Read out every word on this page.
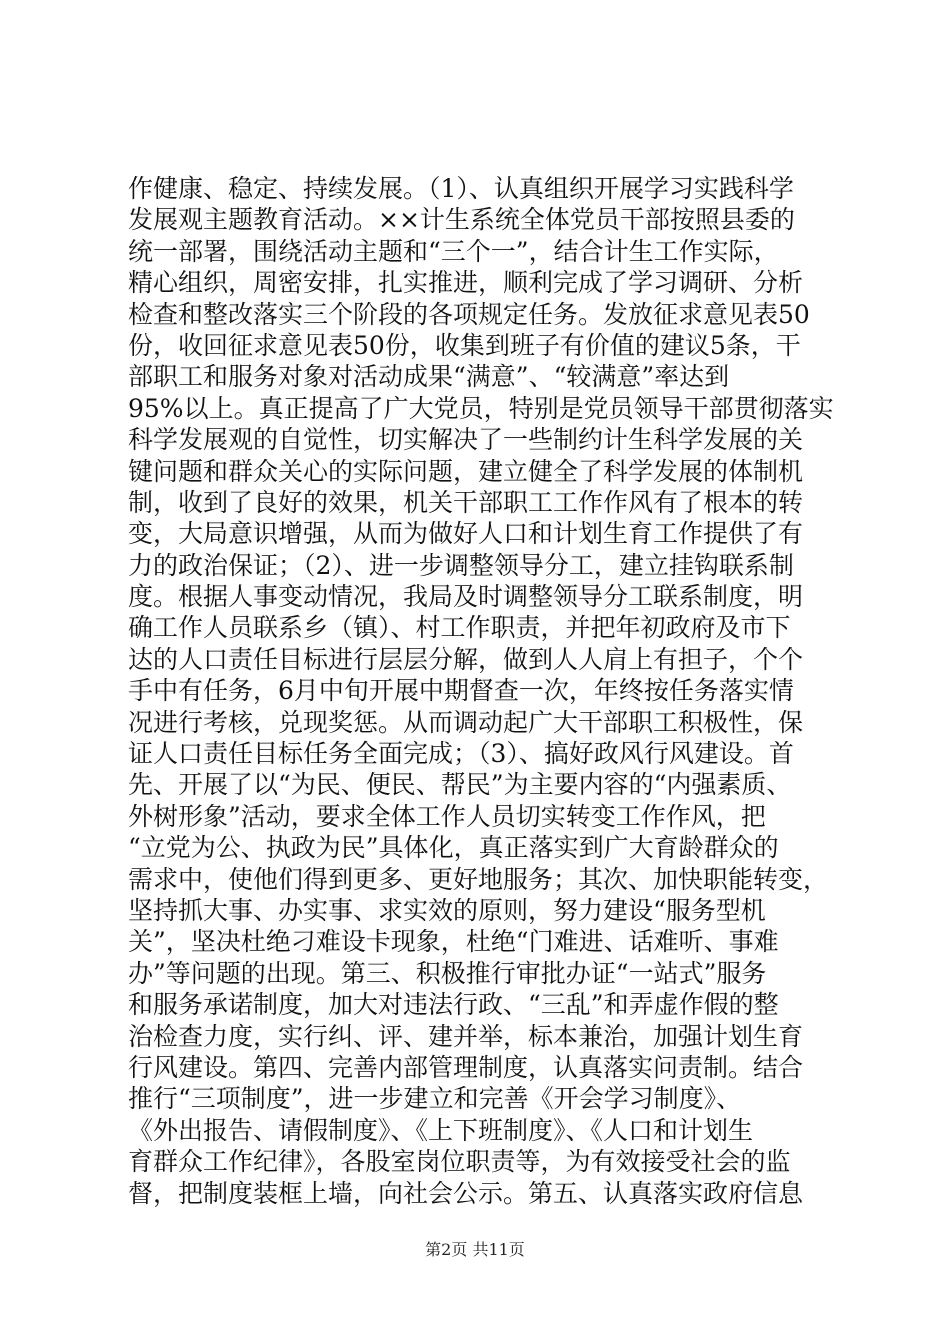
作健康、稳定、持续发展。（1）、认真组织开展学习实践科学
发展观主题教育活动。××计生系统全体党员干部按照县委的
统一部署，围绕活动主题和“三个一”，结合计生工作实际，
精心组织，周密安排，扎实推进，顺利完成了学习调研、分析
检查和整改落实三个阶段的各项规定任务。发放征求意见表50
份，收回征求意见表50份，收集到班子有价值的建议5条，干
部职工和服务对象对活动成果“满意”、“较满意”率达到
95%以上。真正提高了广大党员，特别是党员领导干部贯彻落实
科学发展观的自觉性，切实解决了一些制约计生科学发展的关
键问题和群众关心的实际问题，建立健全了科学发展的体制机
制，收到了良好的效果，机关干部职工工作作风有了根本的转
变，大局意识增强，从而为做好人口和计划生育工作提供了有
力的政治保证；（2）、进一步调整领导分工，建立挂钩联系制
度。根据人事变动情况，我局及时调整领导分工联系制度，明
确工作人员联系乡（镇）、村工作职责，并把年初政府及市下
达的人口责任目标进行层层分解，做到人人肩上有担子，个个
手中有任务，6月中旬开展中期督查一次，年终按任务落实情
况进行考核，兑现奖惩。从而调动起广大干部职工积极性，保
证人口责任目标任务全面完成；（3）、搞好政风行风建设。首
先、开展了以“为民、便民、帮民”为主要内容的“内强素质、
外树形象”活动，要求全体工作人员切实转变工作作风，把
“立党为公、执政为民”具体化，真正落实到广大育龄群众的
需求中，使他们得到更多、更好地服务；其次、加快职能转变，
坚持抓大事、办实事、求实效的原则，努力建设“服务型机
关”，坚决杜绝刁难设卡现象，杜绝“门难进、话难听、事难
办”等问题的出现。第三、积极推行审批办证“一站式”服务
和服务承诺制度，加大对违法行政、“三乱”和弄虚作假的整
治检查力度，实行纠、评、建并举，标本兼治，加强计划生育
行风建设。第四、完善内部管理制度，认真落实问责制。结合
推行“三项制度”，进一步建立和完善《开会学习制度》、
《外出报告、请假制度》、《上下班制度》、《人口和计划生
育群众工作纪律》，各股室岗位职责等，为有效接受社会的监
督，把制度装框上墙，向社会公示。第五、认真落实政府信息
第2页 共11页
